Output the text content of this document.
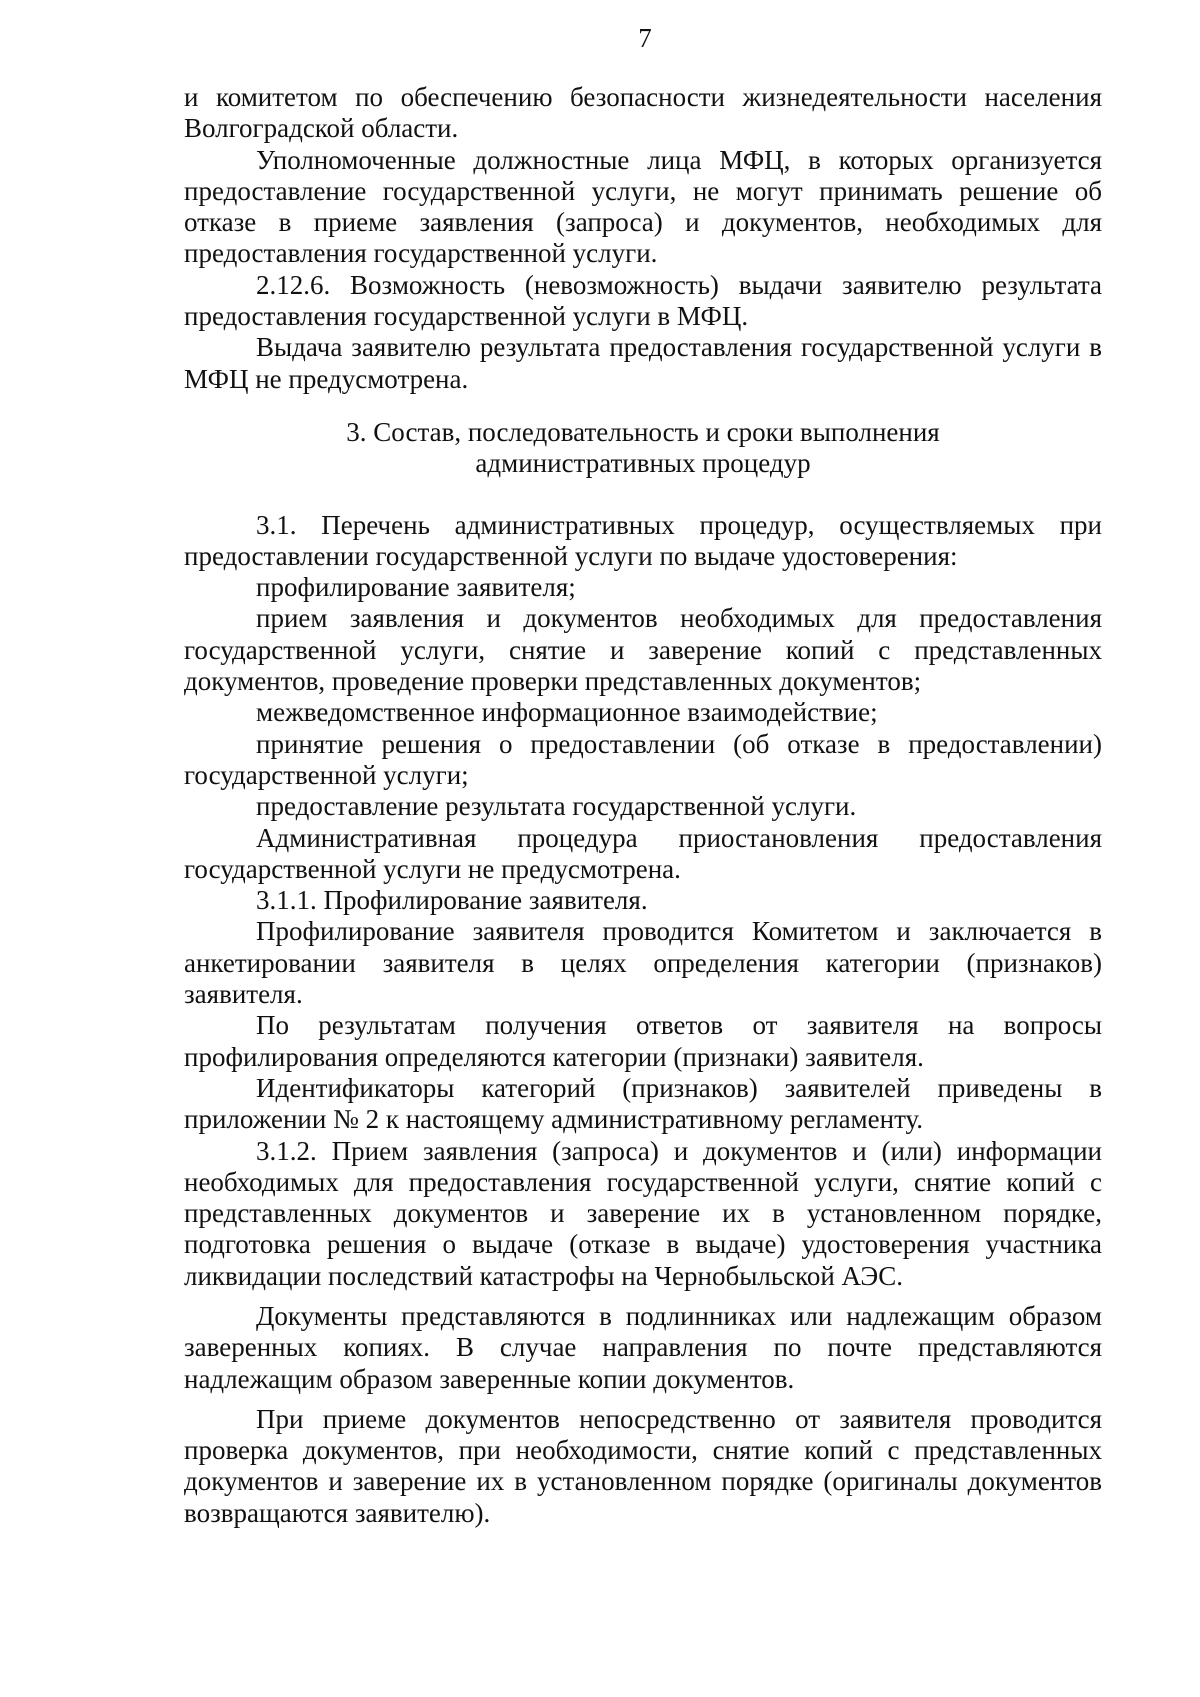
7

и комитетом по обеспечению безопасности жизнедеятельности населения Волгоградской области.

Уполномоченные должностные лица МФЦ, в которых организуется предоставление государственной услуги, не могут принимать решение об отказе в приеме заявления (запроса) и документов, необходимых для предоставления государственной услуги.

2.12.6. Возможность (невозможность) выдачи заявителю результата предоставления государственной услуги в МФЦ.

Выдача заявителю результата предоставления государственной услуги в МФЦ не предусмотрена.

3. Состав, последовательность и сроки выполнения
административных процедур

3.1. Перечень административных процедур, осуществляемых при предоставлении государственной услуги по выдаче удостоверения:

профилирование заявителя;

прием заявления и документов необходимых для предоставления государственной услуги, снятие и заверение копий с представленных документов, проведение проверки представленных документов;

межведомственное информационное взаимодействие;

принятие решения о предоставлении (об отказе в предоставлении) государственной услуги;

предоставление результата государственной услуги.

Административная процедура приостановления предоставления государственной услуги не предусмотрена.

3.1.1. Профилирование заявителя.

Профилирование заявителя проводится Комитетом и заключается в анкетировании заявителя в целях определения категории (признаков) заявителя.

По результатам получения ответов от заявителя на вопросы профилирования определяются категории (признаки) заявителя.

Идентификаторы категорий (признаков) заявителей приведены в приложении № 2 к настоящему административному регламенту.

3.1.2. Прием заявления (запроса) и документов и (или) информации необходимых для предоставления государственной услуги, снятие копий с представленных документов и заверение их в установленном порядке, подготовка решения о выдаче (отказе в выдаче) удостоверения участника ликвидации последствий катастрофы на Чернобыльской АЭС.

Документы представляются в подлинниках или надлежащим образом заверенных копиях. В случае направления по почте представляются надлежащим образом заверенные копии документов.

При приеме документов непосредственно от заявителя проводится проверка документов, при необходимости, снятие копий с представленных документов и заверение их в установленном порядке (оригиналы документов возвращаются заявителю).
